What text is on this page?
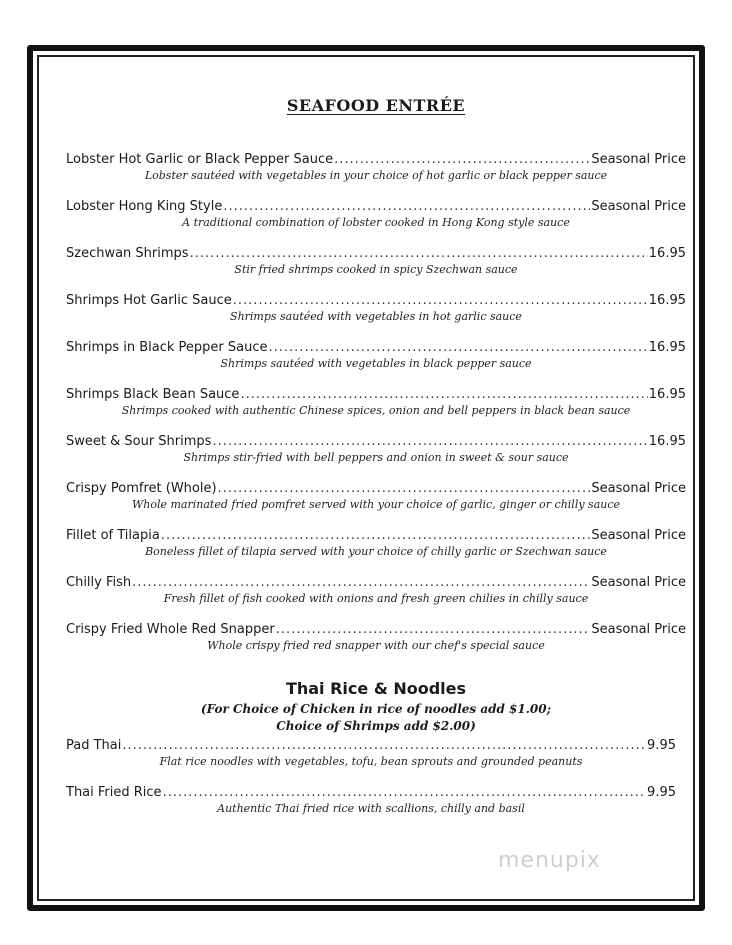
SEAFOOD ENTRÉE
Lobster Hot Garlic or Black Pepper Sauce .....	Seasonal Price
Lobster sautéed with vegetables in your choice of hot garlic or black pepper sauce
Lobster Hong King Style .....	Seasonal Price
A traditional combination of lobster cooked in Hong Kong style sauce
Szechwan Shrimps .....	16.95
Stir fried shrimps cooked in spicy Szechwan sauce
Shrimps Hot Garlic Sauce .....	16.95
Shrimps sautéed with vegetables in hot garlic sauce
Shrimps in Black Pepper Sauce .....	16.95
Shrimps sautéed with vegetables in black pepper sauce
Shrimps Black Bean Sauce .....	16.95
Shrimps cooked with authentic Chinese spices, onion and bell peppers in black bean sauce
Sweet & Sour Shrimps .....	16.95
Shrimps stir-fried with bell peppers and onion in sweet & sour sauce
Crispy Pomfret (Whole) .....	Seasonal Price
Whole marinated fried pomfret served with your choice of garlic, ginger or chilly sauce
Fillet of Tilapia .....	Seasonal Price
Boneless fillet of tilapia served with your choice of chilly garlic or Szechwan sauce
Chilly Fish .....	Seasonal Price
Fresh fillet of fish cooked with onions and fresh green chilies in chilly sauce
Crispy Fried Whole Red Snapper .....	Seasonal Price
Whole crispy fried red snapper with our chef's special sauce
Thai Rice & Noodles
(For Choice of Chicken in rice of noodles add $1.00;
Choice of Shrimps add $2.00)
Pad Thai .....	9.95
Flat rice noodles with vegetables, tofu, bean sprouts and grounded peanuts
Thai Fried Rice .....	9.95
Authentic Thai fried rice with scallions, chilly and basil
menupix
